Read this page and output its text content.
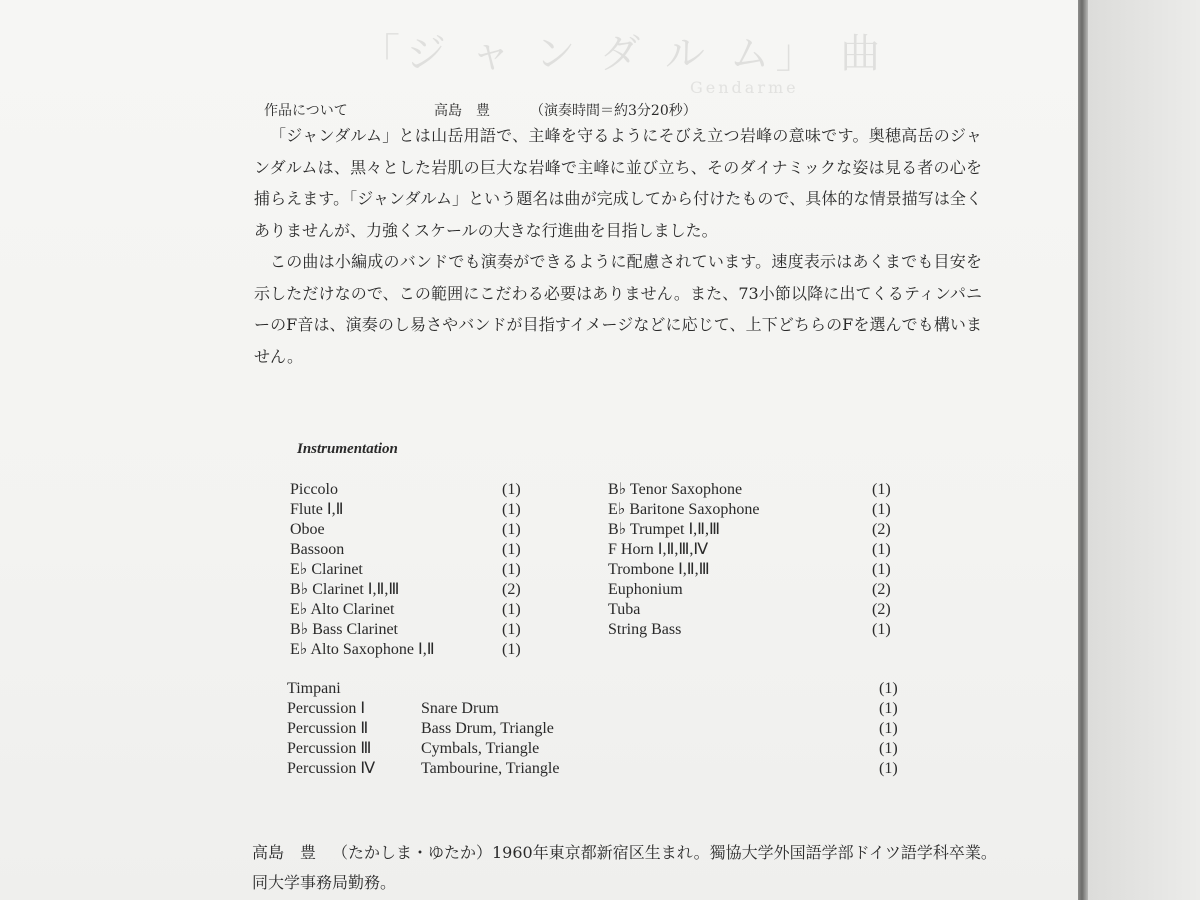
「ジ ャ ン ダ ル ム」 曲
Gendarme
作品について	高島　豊	（演奏時間＝約3分20秒）

「ジャンダルム」とは山岳用語で、主峰を守るようにそびえ立つ岩峰の意味です。奥穂高岳のジャンダルムは、黒々とした岩肌の巨大な岩峰で主峰に並び立ち、そのダイナミックな姿は見る者の心を捕らえます。「ジャンダルム」という題名は曲が完成してから付けたもので、具体的な情景描写は全くありませんが、力強くスケールの大きな行進曲を目指しました。

この曲は小編成のバンドでも演奏ができるように配慮されています。速度表示はあくまでも目安を示しただけなので、この範囲にこだわる必要はありません。また、73小節以降に出てくるティンパニーのF音は、演奏のし易さやバンドが目指すイメージなどに応じて、上下どちらのFを選んでも構いません。

Instrumentation
Piccolo	(1)
Flute Ⅰ,Ⅱ	(1)
Oboe	(1)
Bassoon	(1)
E♭ Clarinet	(1)
B♭ Clarinet Ⅰ,Ⅱ,Ⅲ	(2)
E♭ Alto Clarinet	(1)
B♭ Bass Clarinet	(1)
E♭ Alto Saxophone Ⅰ,Ⅱ	(1)
B♭ Tenor Saxophone	(1)
E♭ Baritone Saxophone	(1)
B♭ Trumpet Ⅰ,Ⅱ,Ⅲ	(2)
F Horn Ⅰ,Ⅱ,Ⅲ,Ⅳ	(1)
Trombone Ⅰ,Ⅱ,Ⅲ	(1)
Euphonium	(2)
Tuba	(2)
String Bass	(1)
Timpani	(1)
Percussion Ⅰ	Snare Drum	(1)
Percussion Ⅱ	Bass Drum, Triangle	(1)
Percussion Ⅲ	Cymbals, Triangle	(1)
Percussion Ⅳ	Tambourine, Triangle	(1)
高島　豊 （たかしま・ゆたか）1960年東京都新宿区生まれ。獨協大学外国語学部ドイツ語学科卒業。同大学事務局勤務。
